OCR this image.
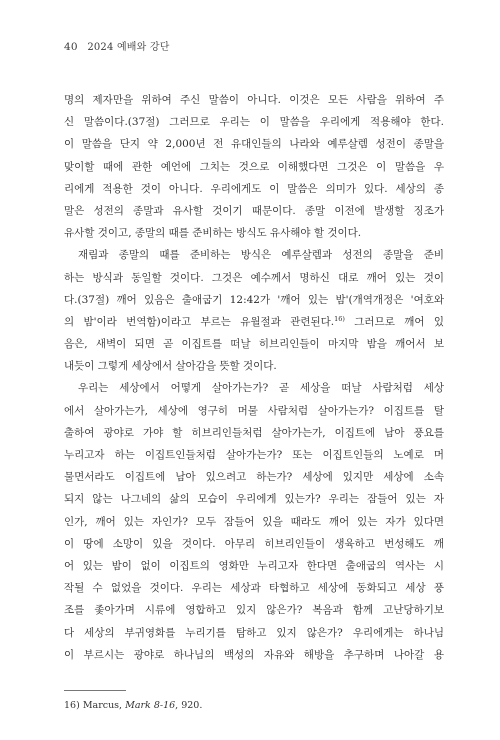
40 2024 예배와 강단
명의 제자만을 위하여 주신 말씀이 아니다. 이것은 모든 사람을 위하여 주
신 말씀이다.(37절) 그러므로 우리는 이 말씀을 우리에게 적용해야 한다.
이 말씀을 단지 약 2,000년 전 유대인들의 나라와 예루살렘 성전이 종말을
맞이할 때에 관한 예언에 그치는 것으로 이해했다면 그것은 이 말씀을 우
리에게 적용한 것이 아니다. 우리에게도 이 말씀은 의미가 있다. 세상의 종
말은 성전의 종말과 유사할 것이기 때문이다. 종말 이전에 발생할 징조가
유사할 것이고, 종말의 때를 준비하는 방식도 유사해야 할 것이다.
재림과 종말의 때를 준비하는 방식은 예루살렘과 성전의 종말을 준비
하는 방식과 동일할 것이다. 그것은 예수께서 명하신 대로 깨어 있는 것이
다.(37절) 깨어 있음은 출애굽기 12:42가 '깨어 있는 밤'(개역개정은 '여호와
의 밤'이라 번역함)이라고 부르는 유월절과 관련된다.$^{16)}$ 그러므로 깨어 있
음은, 새벽이 되면 곧 이집트를 떠날 히브리인들이 마지막 밤을 깨어서 보
내듯이 그렇게 세상에서 살아감을 뜻할 것이다.
우리는 세상에서 어떻게 살아가는가? 곧 세상을 떠날 사람처럼 세상
에서 살아가는가, 세상에 영구히 머물 사람처럼 살아가는가? 이집트를 탈
출하여 광야로 가야 할 히브리인들처럼 살아가는가, 이집트에 남아 풍요를
누리고자 하는 이집트인들처럼 살아가는가? 또는 이집트인들의 노예로 머
물면서라도 이집트에 남아 있으려고 하는가? 세상에 있지만 세상에 소속
되지 않는 나그네의 삶의 모습이 우리에게 있는가? 우리는 잠들어 있는 자
인가, 깨어 있는 자인가? 모두 잠들어 있을 때라도 깨어 있는 자가 있다면
이 땅에 소망이 있을 것이다. 아무리 히브리인들이 생육하고 번성해도 깨
어 있는 밤이 없이 이집트의 영화만 누리고자 한다면 출애굽의 역사는 시
작될 수 없었을 것이다. 우리는 세상과 타협하고 세상에 동화되고 세상 풍
조를 좇아가며 시류에 영합하고 있지 않은가? 복음과 함께 고난당하기보
다 세상의 부귀영화를 누리기를 탐하고 있지 않은가? 우리에게는 하나님
이 부르시는 광야로 하나님의 백성의 자유와 해방을 추구하며 나아갈 용
16) Marcus, Mark 8-16, 920.
